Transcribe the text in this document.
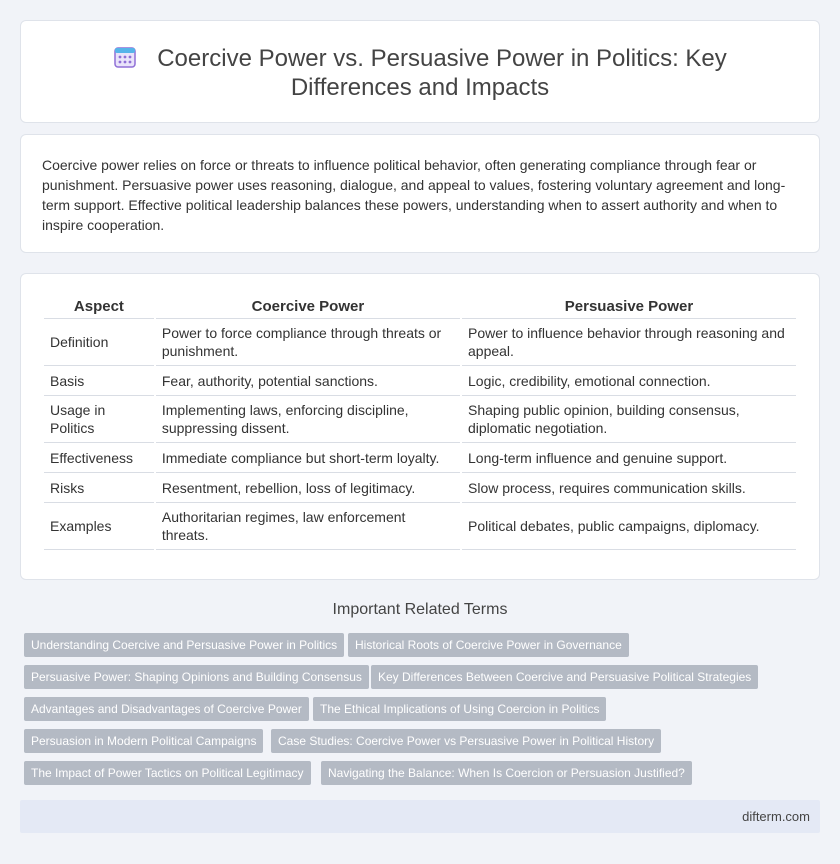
Coercive Power vs. Persuasive Power in Politics: Key Differences and Impacts

Coercive power relies on force or threats to influence political behavior, often generating compliance through fear or punishment. Persuasive power uses reasoning, dialogue, and appeal to values, fostering voluntary agreement and long-term support. Effective political leadership balances these powers, understanding when to assert authority and when to inspire cooperation.

Aspect	Coercive Power	Persuasive Power
Definition	Power to force compliance through threats or punishment.	Power to influence behavior through reasoning and appeal.
Basis	Fear, authority, potential sanctions.	Logic, credibility, emotional connection.
Usage in Politics	Implementing laws, enforcing discipline, suppressing dissent.	Shaping public opinion, building consensus, diplomatic negotiation.
Effectiveness	Immediate compliance but short-term loyalty.	Long-term influence and genuine support.
Risks	Resentment, rebellion, loss of legitimacy.	Slow process, requires communication skills.
Examples	Authoritarian regimes, law enforcement threats.	Political debates, public campaigns, diplomacy.
Important Related Terms
Understanding Coercive and Persuasive Power in Politics	Historical Roots of Coercive Power in Governance
Persuasive Power: Shaping Opinions and Building Consensus	Key Differences Between Coercive and Persuasive Political Strategies
Advantages and Disadvantages of Coercive Power	The Ethical Implications of Using Coercion in Politics
Persuasion in Modern Political Campaigns	Case Studies: Coercive Power vs Persuasive Power in Political History
The Impact of Power Tactics on Political Legitimacy	Navigating the Balance: When Is Coercion or Persuasion Justified?
difterm.com
